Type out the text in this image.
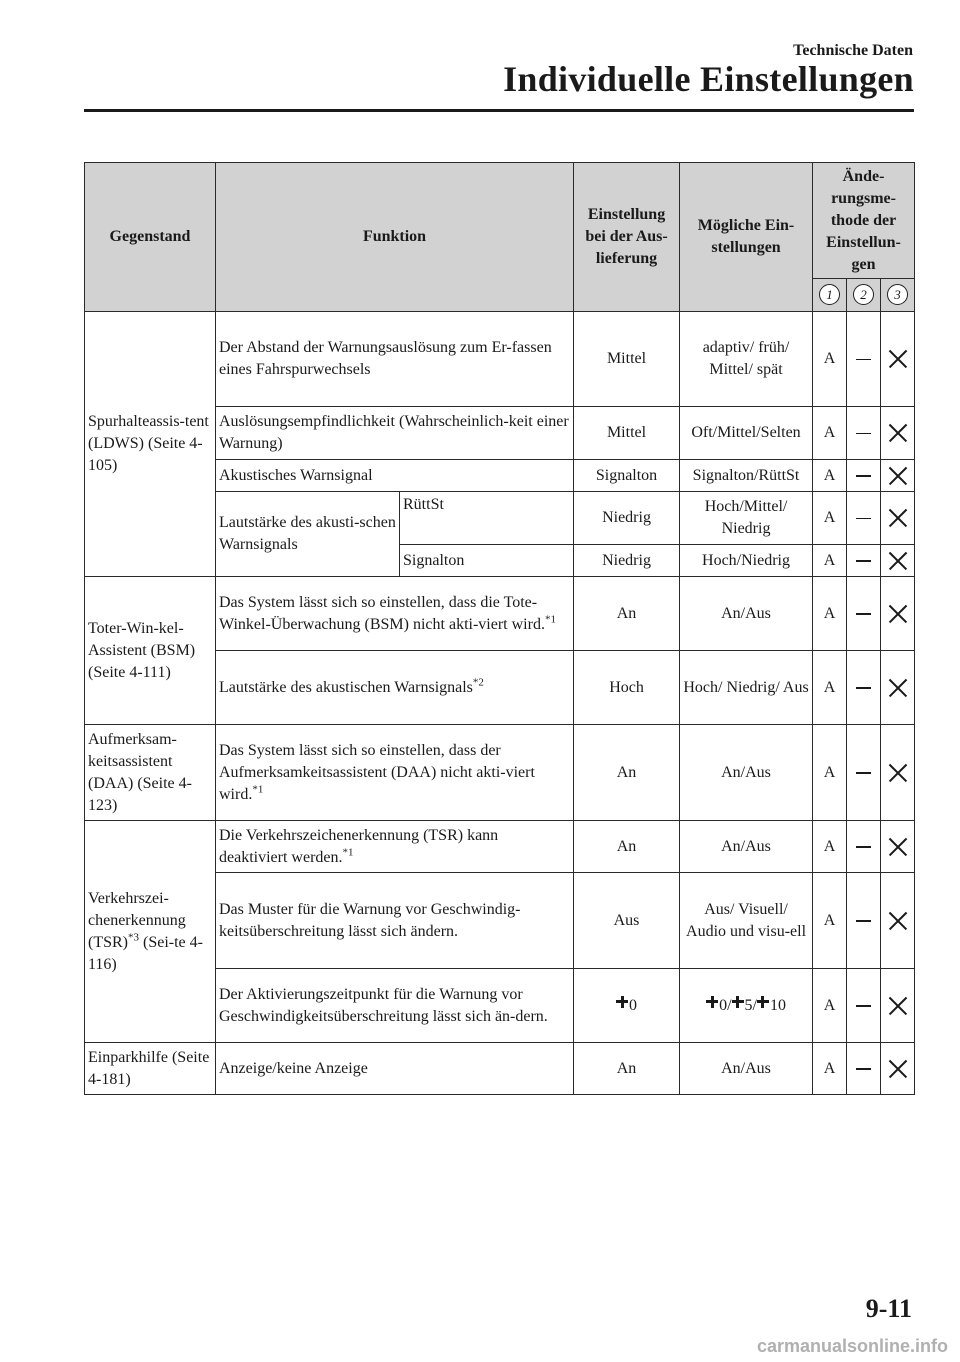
Technische Daten
Individuelle Einstellungen
Gegenstand	Funktion		Einstellung bei der Aus-lieferung	Mögliche Ein-stellungen	Ände-rungsme-thode der Einstellun-gen		
					1	2	3
Spurhalteassis-tent (LDWS) (Seite 4-105)	Der Abstand der Warnungsauslösung zum Er-fassen eines Fahrspurwechsels		Mittel	adaptiv/ früh/ Mittel/ spät	A		
	Auslösungsempfindlichkeit (Wahrscheinlich-keit einer Warnung)		Mittel	Oft/Mittel/Selten	A		
	Akustisches Warnsignal		Signalton	Signalton/RüttSt	A		
	Lautstärke des akusti-schen Warnsignals	RüttSt	Niedrig	Hoch/Mittel/ Niedrig	A		
		Signalton	Niedrig	Hoch/Niedrig	A		
Toter-Win-kel-Assistent (BSM) (Seite 4-111)	Das System lässt sich so einstellen, dass die Tote-Winkel-Überwachung (BSM) nicht akti-viert wird.$^{*1}$		An	An/Aus	A		
	Lautstärke des akustischen Warnsignals$^{*2}$		Hoch	Hoch/ Niedrig/ Aus	A		
Aufmerksam-keitsassistent (DAA) (Seite 4-123)	Das System lässt sich so einstellen, dass der Aufmerksamkeitsassistent (DAA) nicht akti-viert wird.$^{*1}$		An	An/Aus	A		
Verkehrszei-chenerkennung (TSR)$^{*3}$ (Sei-te 4-116)	Die Verkehrszeichenerkennung (TSR) kann deaktiviert werden.$^{*1}$		An	An/Aus	A		
	Das Muster für die Warnung vor Geschwindig-keitsüberschreitung lässt sich ändern.		Aus	Aus/ Visuell/ Audio und visu-ell	A		
	Der Aktivierungszeitpunkt für die Warnung vor Geschwindigkeitsüberschreitung lässt sich än-dern.		0	0/ 5/ 10	A		
Einparkhilfe (Seite 4-181)	Anzeige/keine Anzeige		An	An/Aus	A		
9-11
carmanualsonline.info
